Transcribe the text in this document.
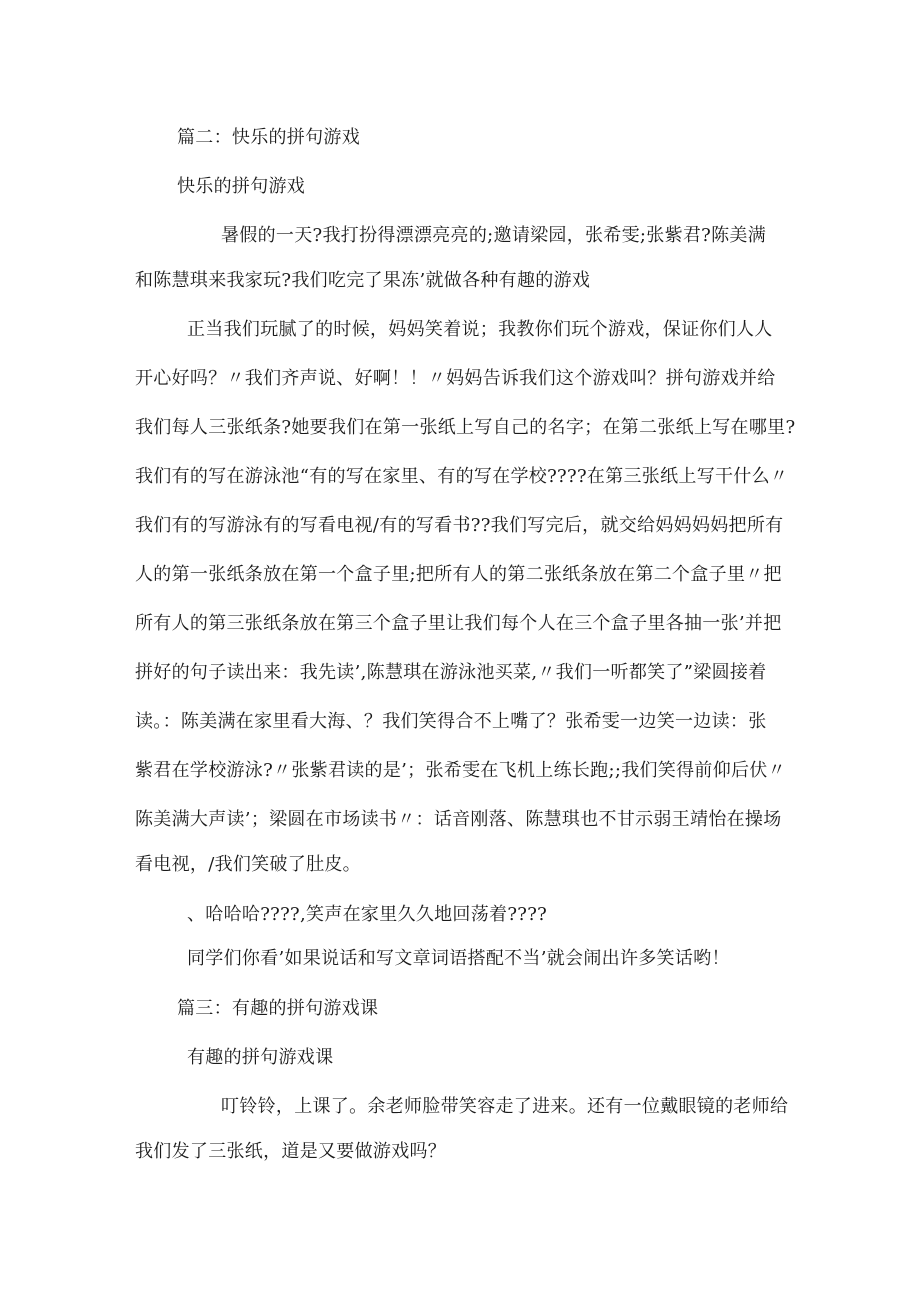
篇二：快乐的拼句游戏
快乐的拼句游戏
暑假的一天?我打扮得漂漂亮亮的;邀请梁园，张希雯;张紫君?陈美满
和陈慧琪来我家玩?我们吃完了果冻’就做各种有趣的游戏
正当我们玩腻了的时候，妈妈笑着说；我教你们玩个游戏，保证你们人人
开心好吗？〃我们齐声说、好啊！！〃妈妈告诉我们这个游戏叫？拼句游戏并给
我们每人三张纸条?她要我们在第一张纸上写自己的名字；在第二张纸上写在哪里?
我们有的写在游泳池“有的写在家里、有的写在学校????在第三张纸上写干什么〃
我们有的写游泳有的写看电视/有的写看书??我们写完后，就交给妈妈妈妈把所有
人的第一张纸条放在第一个盒子里;把所有人的第二张纸条放在第二个盒子里〃把
所有人的第三张纸条放在第三个盒子里让我们每个人在三个盒子里各抽一张’并把
拼好的句子读出来：我先读’,陈慧琪在游泳池买菜,〃我们一听都笑了”梁圆接着
读。：陈美满在家里看大海、？我们笑得合不上嘴了？张希雯一边笑一边读：张
紫君在学校游泳?〃张紫君读的是’；张希雯在飞机上练长跑;;我们笑得前仰后伏〃
陈美满大声读’；梁圆在市场读书〃：话音刚落、陈慧琪也不甘示弱王靖怡在操场
看电视，/我们笑破了肚皮。
、哈哈哈????,笑声在家里久久地回荡着????
同学们你看’如果说话和写文章词语搭配不当’就会闹出许多笑话哟！
篇三：有趣的拼句游戏课
有趣的拼句游戏课
叮铃铃，上课了。余老师脸带笑容走了进来。还有一位戴眼镜的老师给
我们发了三张纸，道是又要做游戏吗？
